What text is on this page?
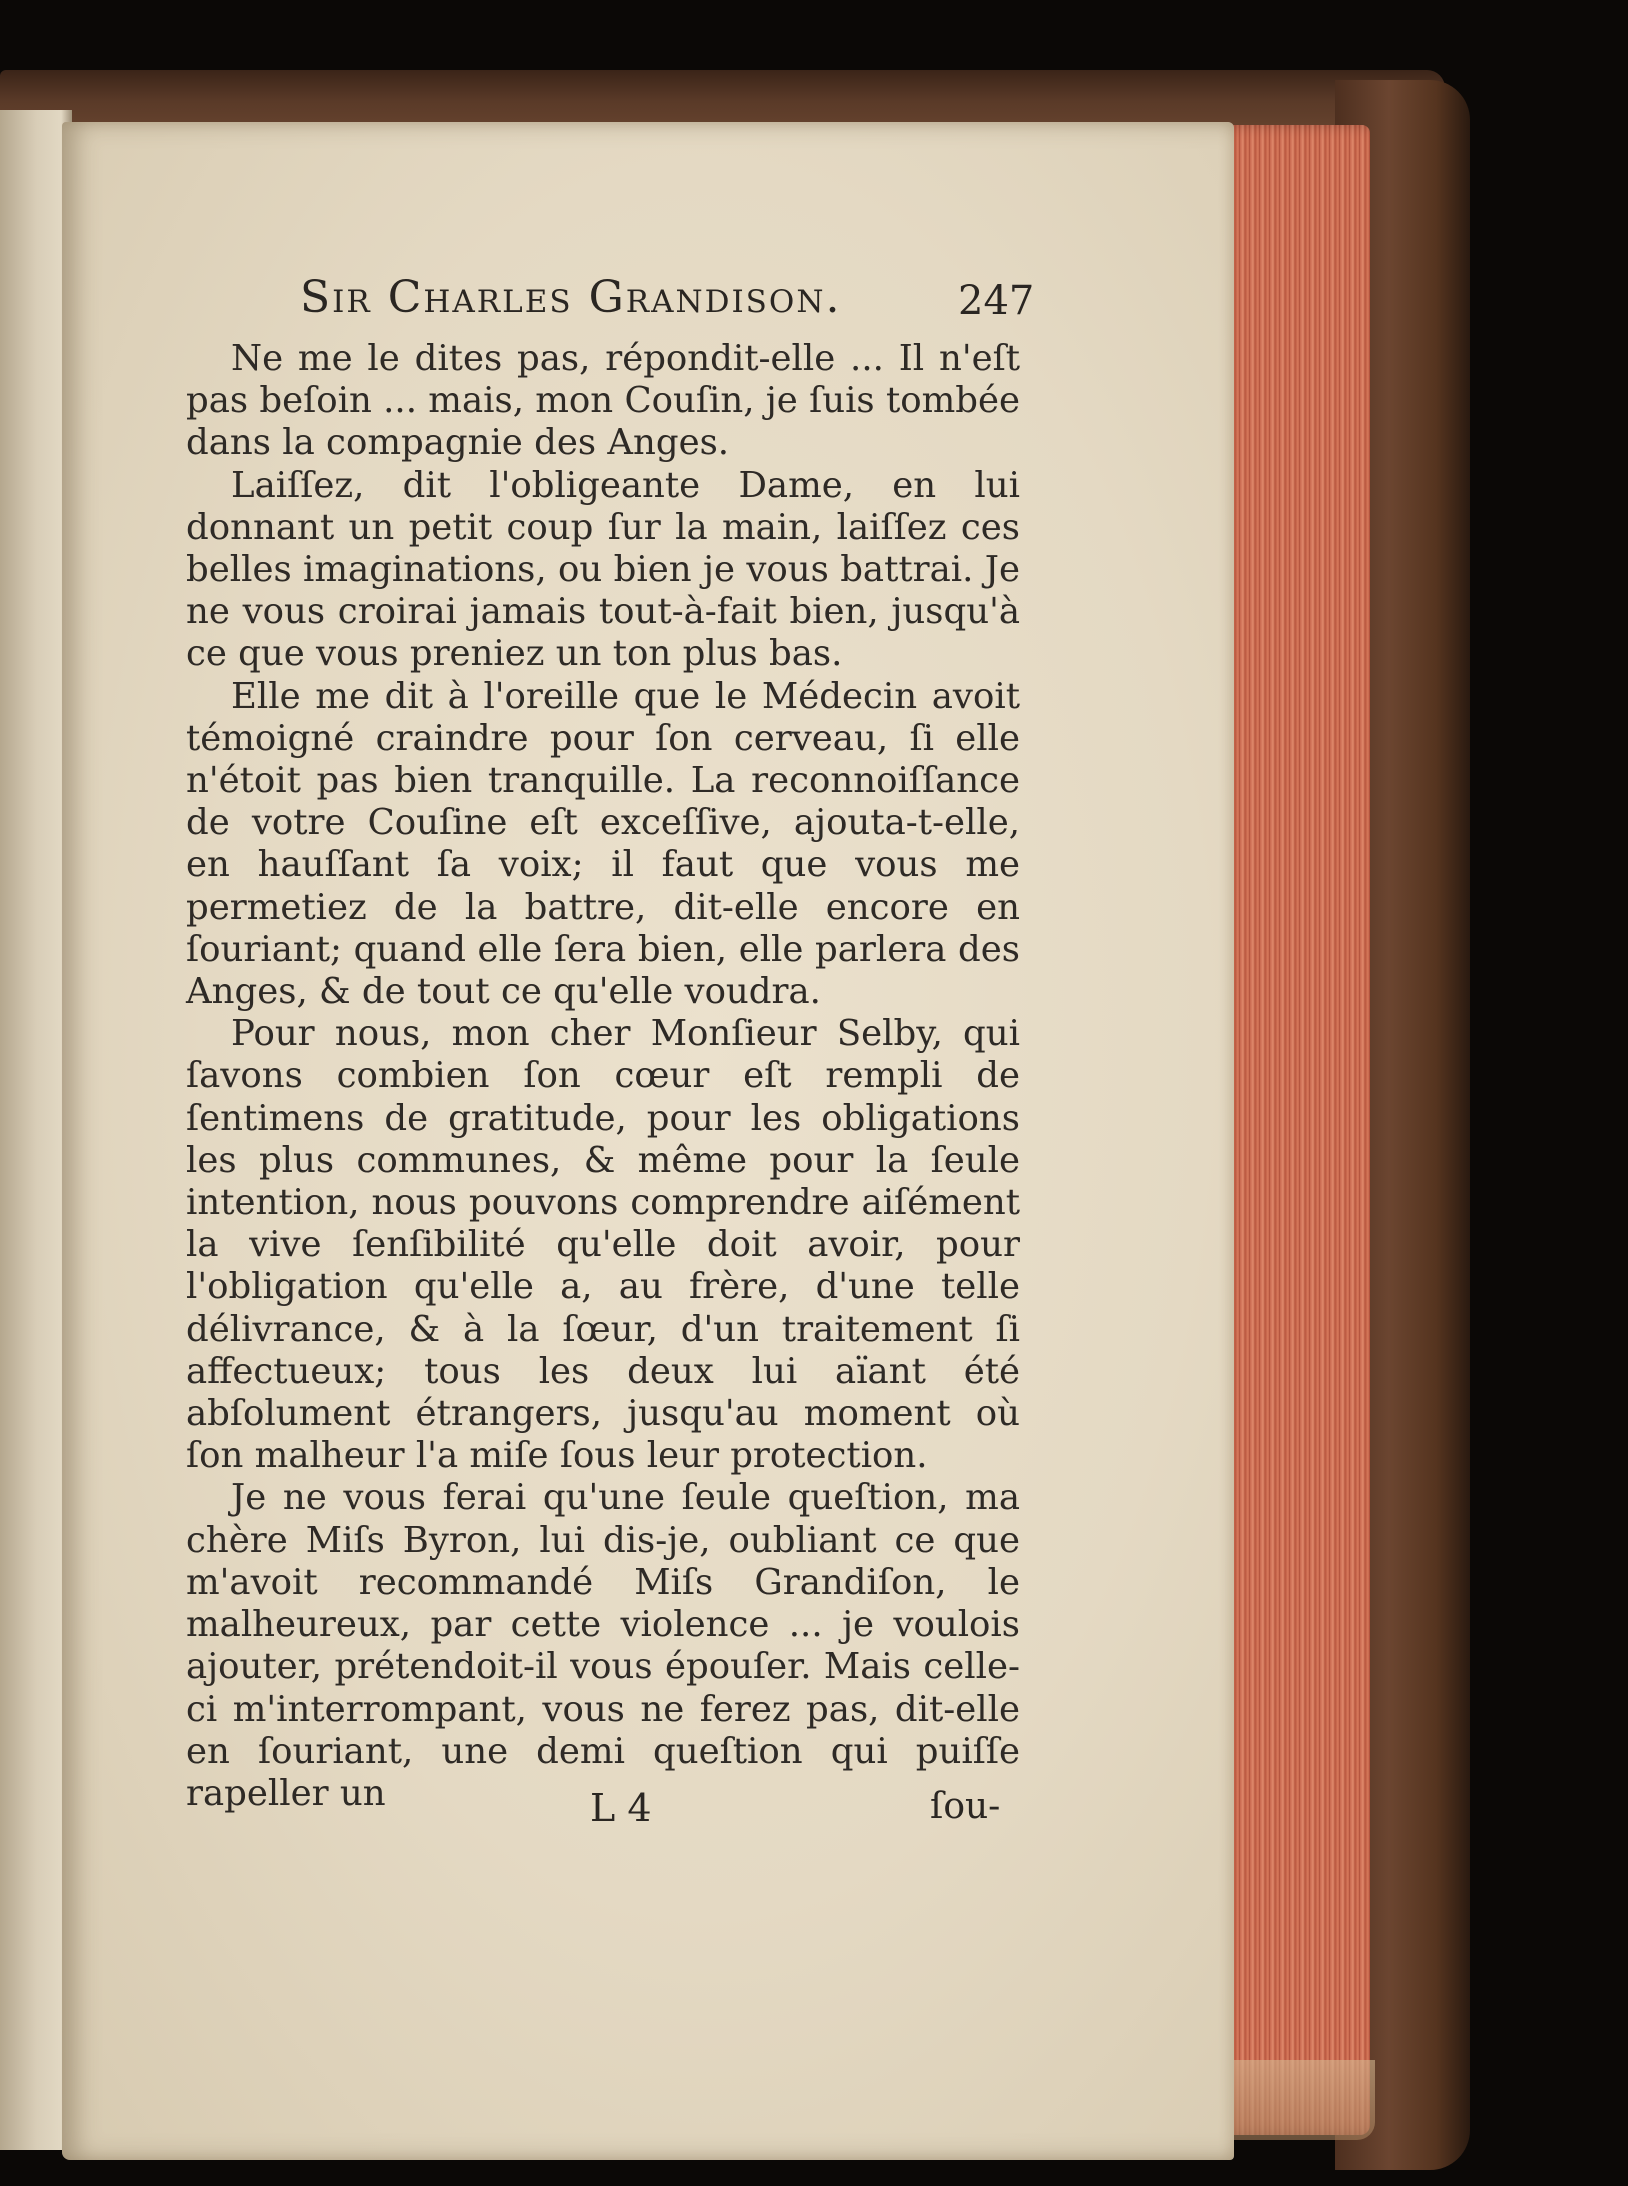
Sir Charles Grandison.	247

Ne me le dites pas, répondit-elle ... Il n'eſt pas beſoin ... mais, mon Couſin, je ſuis tombée dans la compagnie des Anges.

Laiſſez, dit l'obligeante Dame, en lui donnant un petit coup ſur la main, laiſſez ces belles imaginations, ou bien je vous battrai. Je ne vous croirai jamais tout-à-fait bien, jusqu'à ce que vous preniez un ton plus bas.

Elle me dit à l'oreille que le Médecin avoit témoigné craindre pour ſon cerveau, ſi elle n'étoit pas bien tranquille. La reconnoiſſance de votre Couſine eſt exceſſive, ajouta-t-elle, en hauſſant ſa voix; il faut que vous me permetiez de la battre, dit-elle encore en ſouriant; quand elle ſera bien, elle parlera des Anges, & de tout ce qu'elle voudra.

Pour nous, mon cher Monſieur Selby, qui ſavons combien ſon cœur eſt rempli de ſentimens de gratitude, pour les obligations les plus communes, & même pour la ſeule intention, nous pouvons comprendre aiſément la vive ſenſibilité qu'elle doit avoir, pour l'obligation qu'elle a, au frère, d'une telle délivrance, & à la ſœur, d'un traitement ſi affectueux; tous les deux lui aïant été abſolument étrangers, jusqu'au moment où ſon malheur l'a miſe ſous leur protection.

Je ne vous ferai qu'une ſeule queſtion, ma chère Miſs Byron, lui dis-je, oubliant ce que m'avoit recommandé Miſs Grandiſon, le malheureux, par cette violence ... je voulois ajouter, prétendoit-il vous épouſer. Mais celle-ci m'interrompant, vous ne ferez pas, dit-elle en ſouriant, une demi queſtion qui puiſſe rapeller un	L 4	ſou-
